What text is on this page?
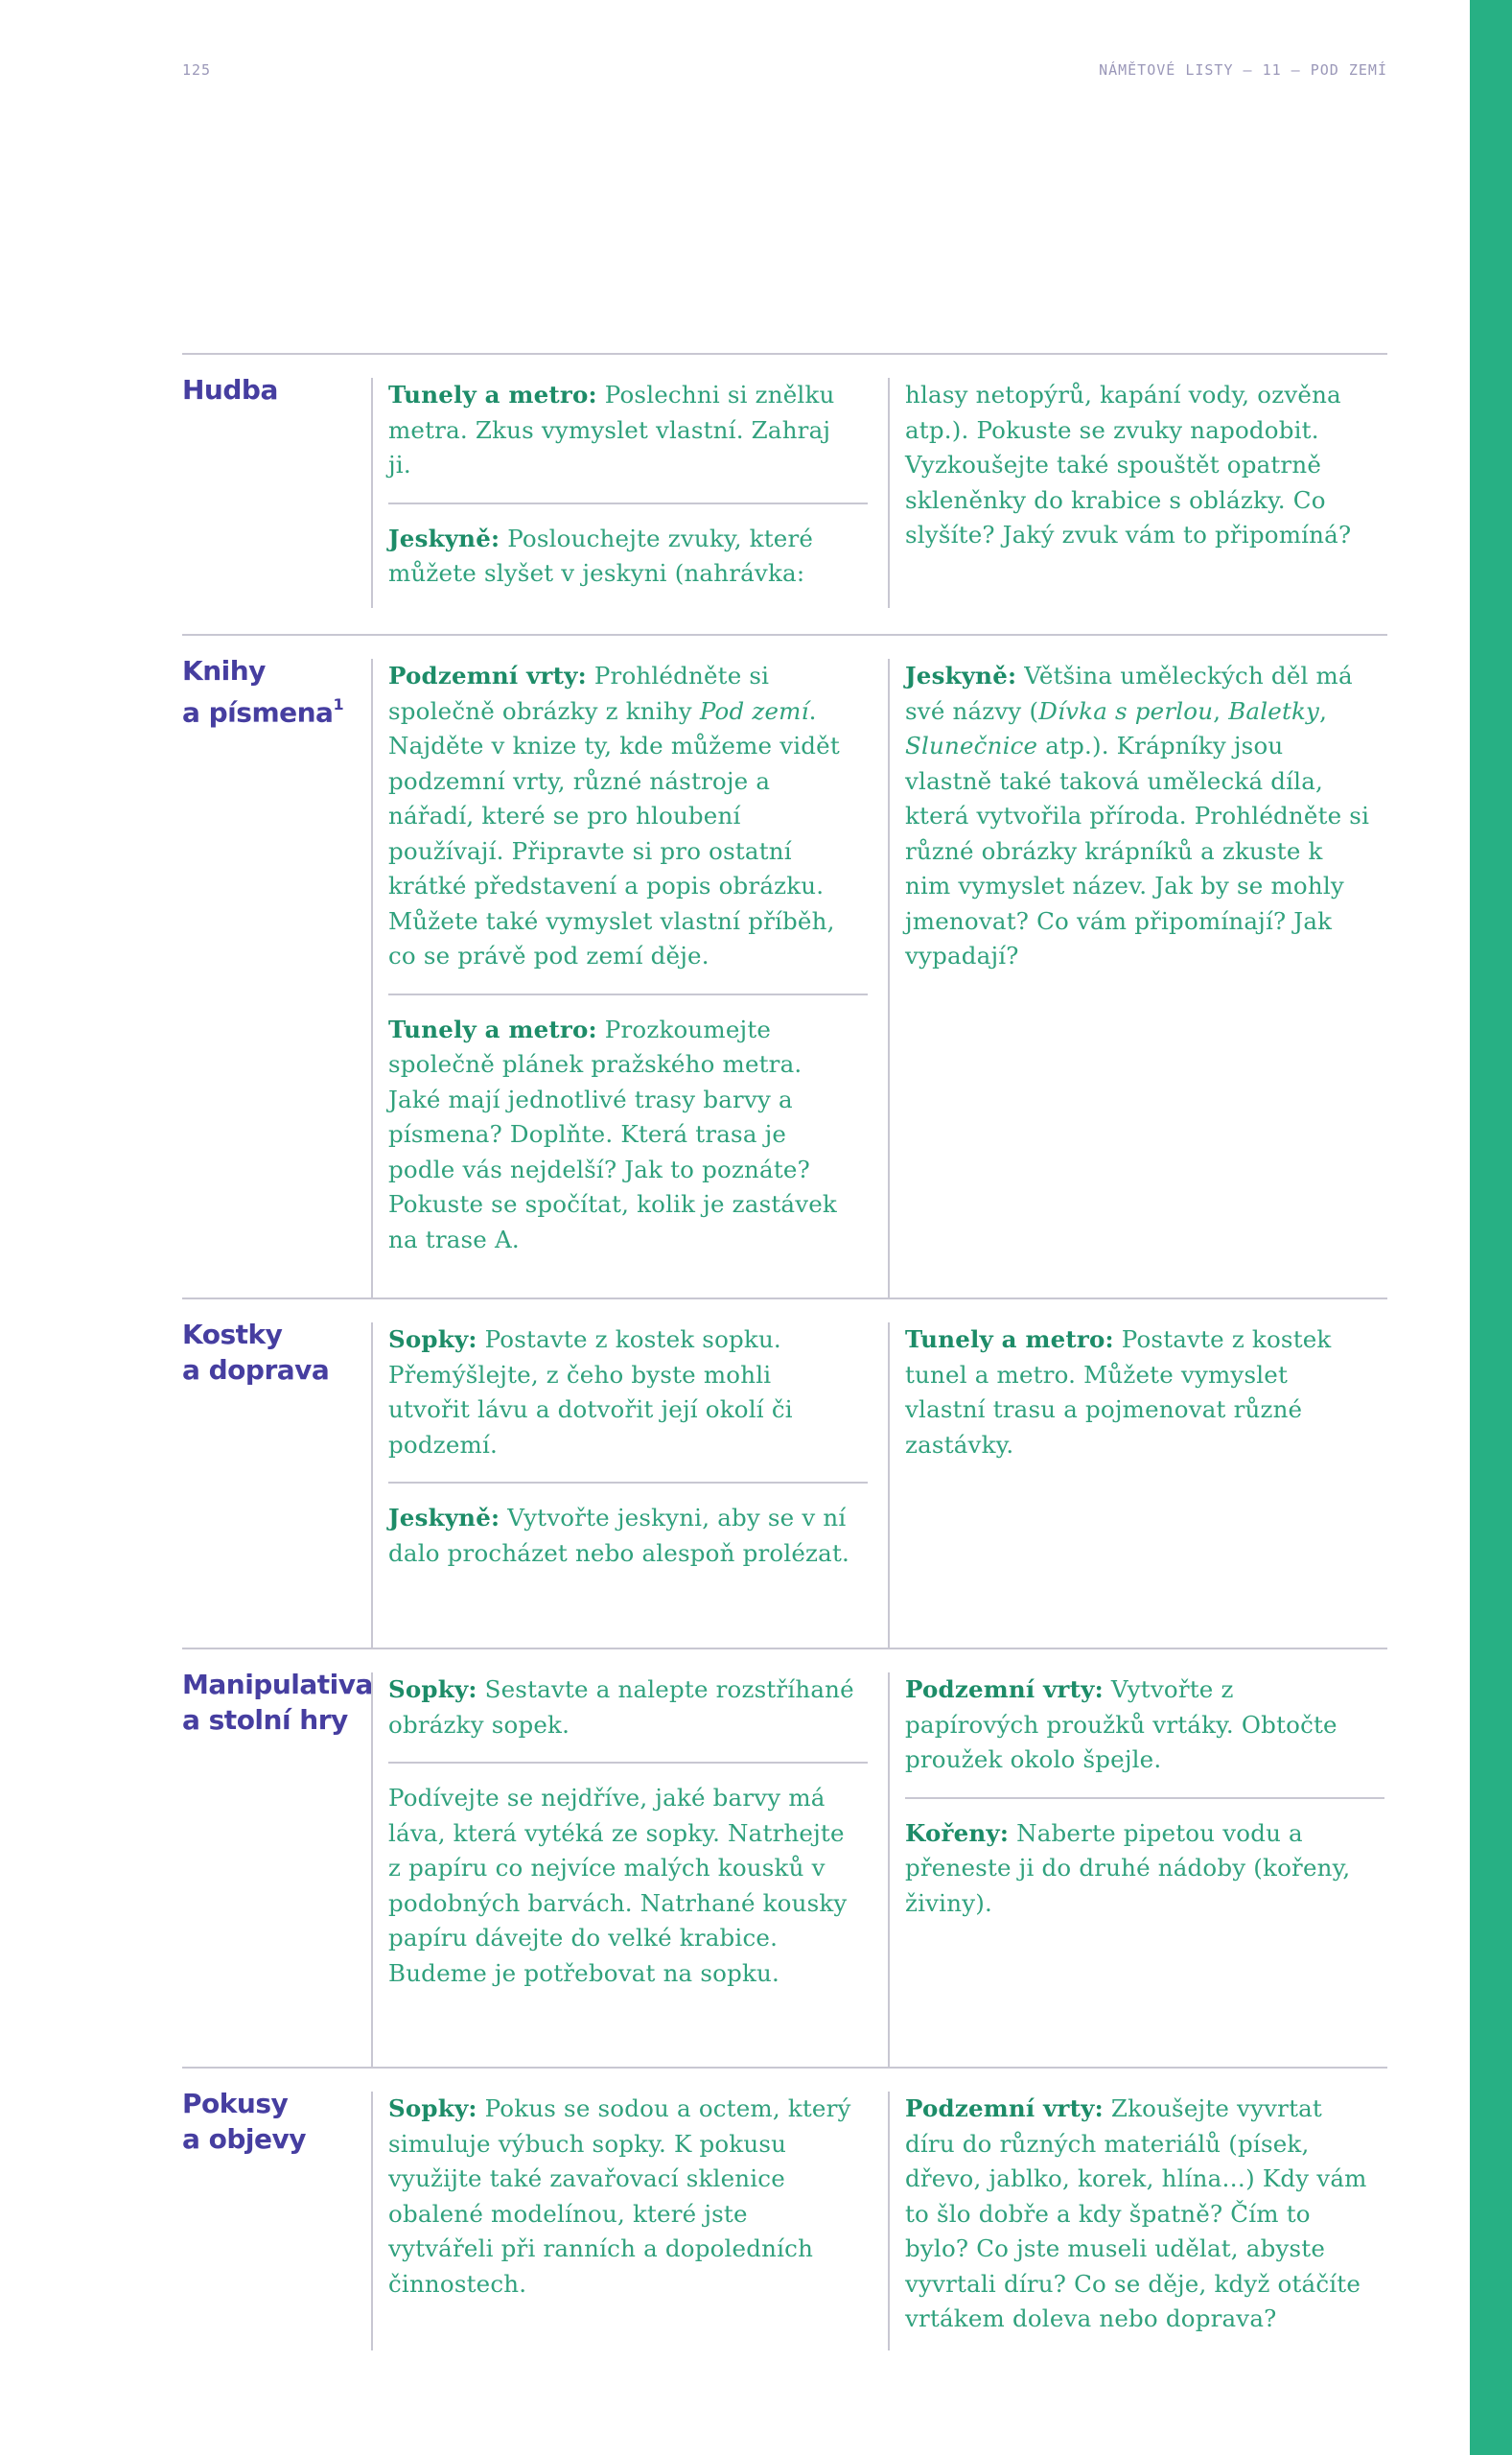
125	NÁMĚTOVÉ LISTY – 11 – POD ZEMÍ
Hudba	Tunely a metro: Poslechni si znělku metra. Zkus vymyslet vlastní. Zahraj ji.
Jeskyně: Poslouchejte zvuky, které můžete slyšet v jeskyni (nahrávka:
hlasy netopýrů, kapání vody, ozvěna atp.). Pokuste se zvuky napodobit. Vyzkoušejte také spouštět opatrně skleněnky do krabice s oblázky. Co slyšíte? Jaký zvuk vám to připomíná?
Knihy
a písmena$^1$
Podzemní vrty: Prohlédněte si společně obrázky z knihy Pod zemí. Najděte v knize ty, kde můžeme vidět podzemní vrty, různé nástroje a nářadí, které se pro hloubení používají. Připravte si pro ostatní krátké představení a popis obrázku. Můžete také vymyslet vlastní příběh, co se právě pod zemí děje.
Tunely a metro: Prozkoumejte společně plánek pražského metra. Jaké mají jednotlivé trasy barvy a písmena? Doplňte. Která trasa je podle vás nejdelší? Jak to poznáte? Pokuste se spočítat, kolik je zastávek na trase A.
Jeskyně: Většina uměleckých děl má své názvy (Dívka s perlou, Baletky, Slunečnice atp.). Krápníky jsou vlastně také taková umělecká díla, která vytvořila příroda. Prohlédněte si různé obrázky krápníků a zkuste k nim vymyslet název. Jak by se mohly jmenovat? Co vám připomínají? Jak vypadají?
Kostky
a doprava
Sopky: Postavte z kostek sopku. Přemýšlejte, z čeho byste mohli utvořit lávu a dotvořit její okolí či podzemí.
Jeskyně: Vytvořte jeskyni, aby se v ní dalo procházet nebo alespoň prolézat.
Tunely a metro: Postavte z kostek tunel a metro. Můžete vymyslet vlastní trasu a pojmenovat různé zastávky.
Manipulativa
a stolní hry
Sopky: Sestavte a nalepte rozstříhané obrázky sopek.
Podívejte se nejdříve, jaké barvy má láva, která vytéká ze sopky. Natrhejte z papíru co nejvíce malých kousků v podobných barvách. Natrhané kousky papíru dávejte do velké krabice. Budeme je potřebovat na sopku.
Podzemní vrty: Vytvořte z papírových proužků vrtáky. Obtočte proužek okolo špejle.
Kořeny: Naberte pipetou vodu a přeneste ji do druhé nádoby (kořeny, živiny).
Pokusy
a objevy
Sopky: Pokus se sodou a octem, který simuluje výbuch sopky. K pokusu využijte také zavařovací sklenice obalené modelínou, které jste vytvářeli při ranních a dopoledních činnostech.
Podzemní vrty: Zkoušejte vyvrtat díru do různých materiálů (písek, dřevo, jablko, korek, hlína…) Kdy vám to šlo dobře a kdy špatně? Čím to bylo? Co jste museli udělat, abyste vyvrtali díru? Co se děje, když otáčíte vrtákem doleva nebo doprava?
